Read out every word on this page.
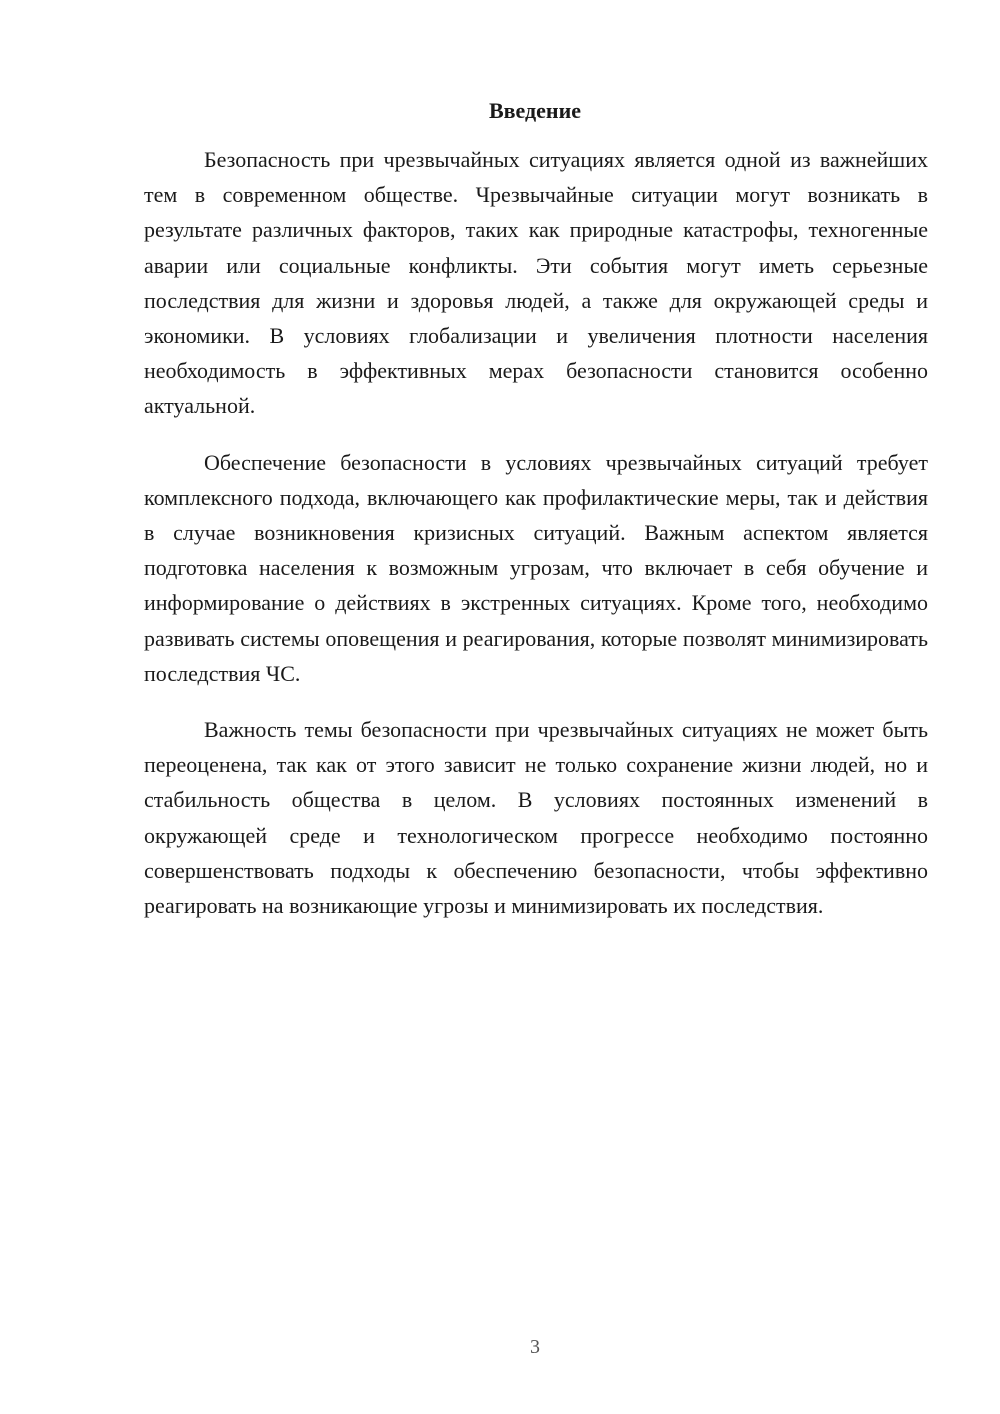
Введение

Безопасность при чрезвычайных ситуациях является одной из важнейших тем в современном обществе. Чрезвычайные ситуации могут возникать в результате различных факторов, таких как природные катастрофы, техногенные аварии или социальные конфликты. Эти события могут иметь серьезные последствия для жизни и здоровья людей, а также для окружающей среды и экономики. В условиях глобализации и увеличения плотности населения необходимость в эффективных мерах безопасности становится особенно актуальной.

Обеспечение безопасности в условиях чрезвычайных ситуаций требует комплексного подхода, включающего как профилактические меры, так и действия в случае возникновения кризисных ситуаций. Важным аспектом является подготовка населения к возможным угрозам, что включает в себя обучение и информирование о действиях в экстренных ситуациях. Кроме того, необходимо развивать системы оповещения и реагирования, которые позволят минимизировать последствия ЧС.

Важность темы безопасности при чрезвычайных ситуациях не может быть переоценена, так как от этого зависит не только сохранение жизни людей, но и стабильность общества в целом. В условиях постоянных изменений в окружающей среде и технологическом прогрессе необходимо постоянно совершенствовать подходы к обеспечению безопасности, чтобы эффективно реагировать на возникающие угрозы и минимизировать их последствия.

3
